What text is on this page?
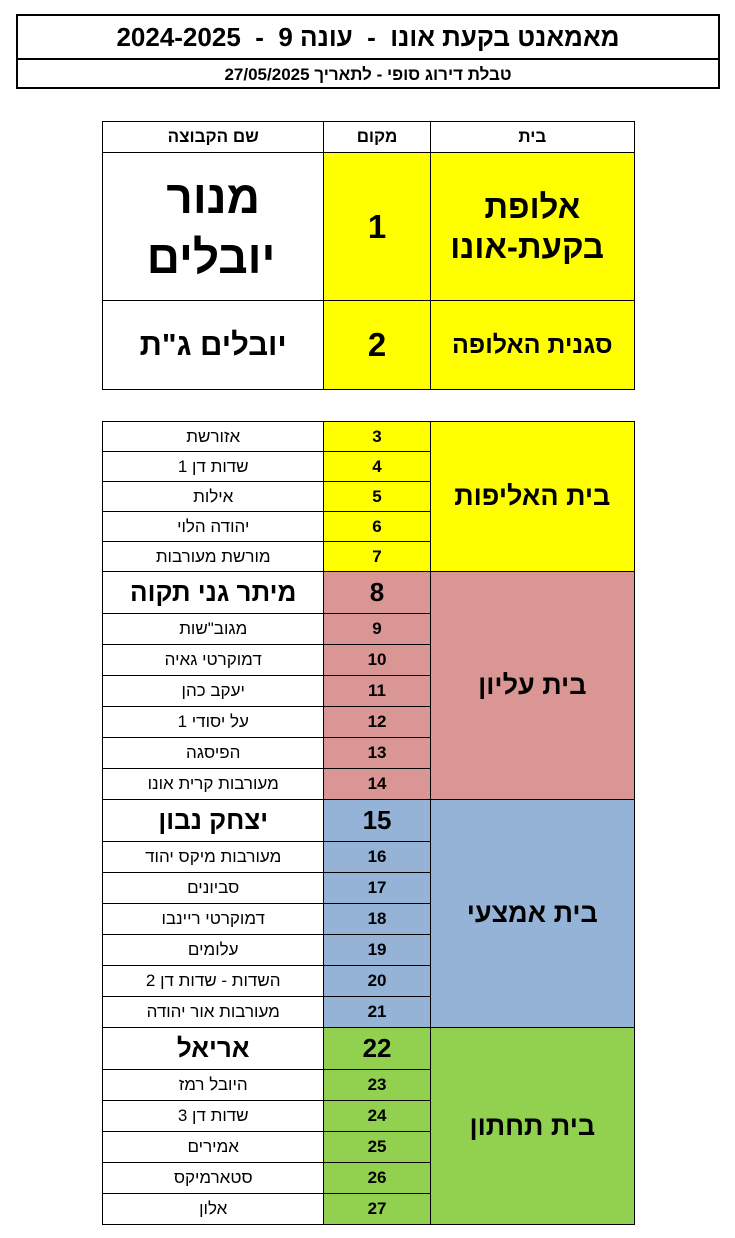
מאמאנט בקעת אונו  -  עונה 9  -  2024-2025
טבלת דירוג סופי - לתאריך 27/05/2025
בית	מקום	שם הקבוצה

אלופת בקעת-אונו	1	מנור יובלים

סגנית האלופה	2	יובלים ג"ת
בית האליפות	3	אזורשת
	4	שדות דן 1
	5	אילות
	6	יהודה הלוי
	7	מורשת מעורבות
בית עליון	8	מיתר גני תקוה
	9	מגוב"שות
	10	דמוקרטי גאיה
	11	יעקב כהן
	12	על יסודי 1
	13	הפיסגה
	14	מעורבות קרית אונו
בית אמצעי	15	יצחק נבון
	16	מעורבות מיקס יהוד
	17	סביונים
	18	דמוקרטי ריינבו
	19	עלומים
	20	השדות - שדות דן 2
	21	מעורבות אור יהודה
בית תחתון	22	אריאל
	23	היובל רמז
	24	שדות דן 3
	25	אמירים
	26	סטארמיקס
	27	אלון
